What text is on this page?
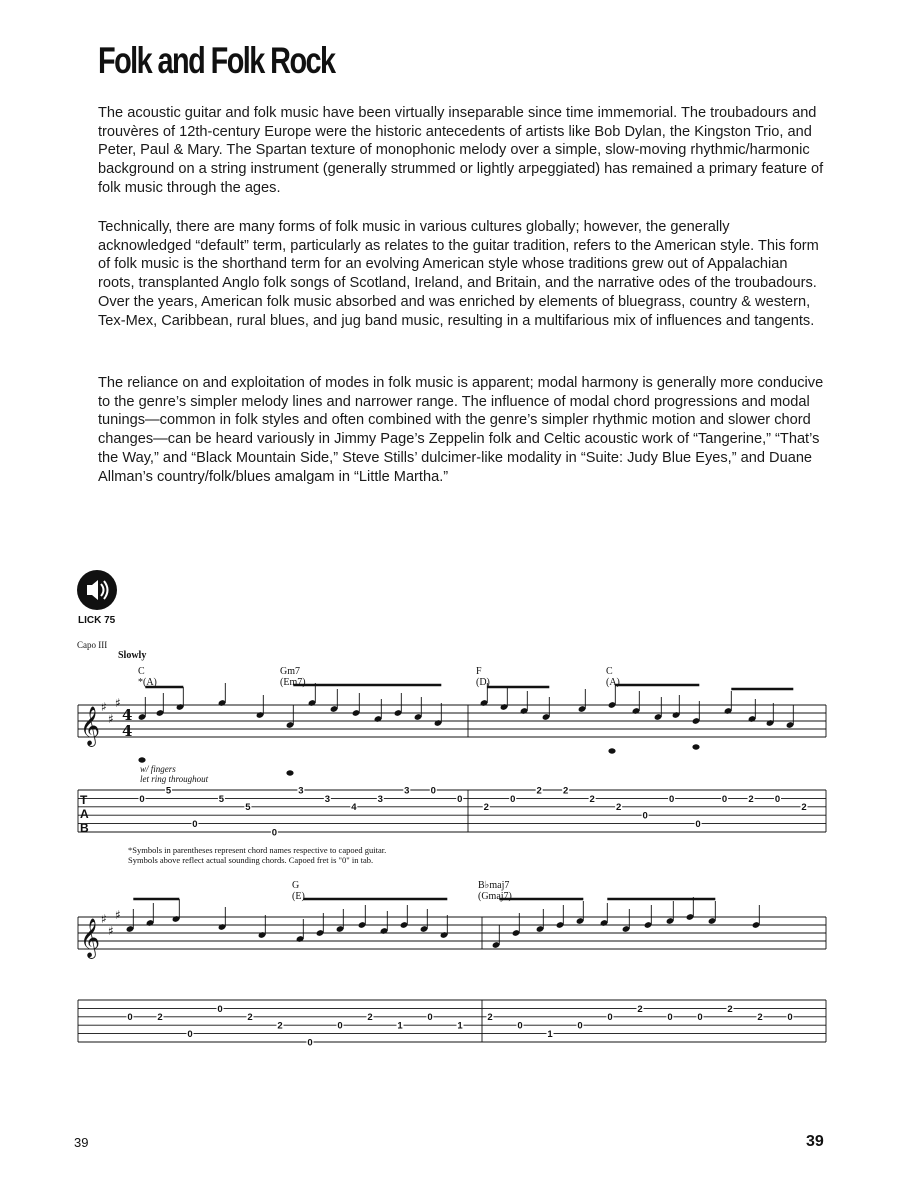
Folk and Folk Rock

The acoustic guitar and folk music have been virtually inseparable since time immemorial. The troubadours and trouvères of 12th-century Europe were the historic antecedents of artists like Bob Dylan, the Kingston Trio, and Peter, Paul & Mary. The Spartan texture of monophonic melody over a simple, slow-moving rhythmic/harmonic background on a string instrument (generally strummed or lightly arpeggiated) has remained a primary feature of folk music through the ages.

Technically, there are many forms of folk music in various cultures globally; however, the generally acknowledged “default” term, particularly as relates to the guitar tradition, refers to the American style. This form of folk music is the shorthand term for an evolving American style whose traditions grew out of Appalachian roots, transplanted Anglo folk songs of Scotland, Ireland, and Britain, and the narrative odes of the troubadours. Over the years, American folk music absorbed and was enriched by elements of bluegrass, country & western, Tex-Mex, Caribbean, rural blues, and jug band music, resulting in a multifarious mix of influences and tangents.

The reliance on and exploitation of modes in folk music is apparent; modal harmony is generally more conducive to the genre’s simpler melody lines and narrower range. The influence of modal chord progressions and modal tunings—common in folk styles and often combined with the genre’s simpler rhythmic motion and slower chord changes—can be heard variously in Jimmy Page’s Zeppelin folk and Celtic acoustic work of “Tangerine,” “That’s the Way,” and “Black Mountain Side,” Steve Stills’ dulcimer-like modality in “Suite: Judy Blue Eyes,” and Duane Allman’s country/folk/blues amalgam in “Little Martha.”

LICK 75
Capo III
Slowly
C
*(A)
Gm7
(Em7)
F
(D)
C
(A)
w/ fingers
let ring throughout
*Symbols in parentheses represent chord names respective to capoed guitar.
Symbols above reflect actual sounding chords. Capoed fret is "0" in tab.
G
(E)
B♭maj7
(Gmaj7)
𝄞
𝄞
♯
♯
♯
♯
♯
♯
4
4
T
A
B
0
5
0
5
5
0
3
3
4
3
3 0
0
2
0
2 2
2
2
0
0
0
0 2 0
2
0	2
0
0
2
2
0
0
2
1
0
1
2
0
1
0
0
2
0	0
2
2	0
39	39
